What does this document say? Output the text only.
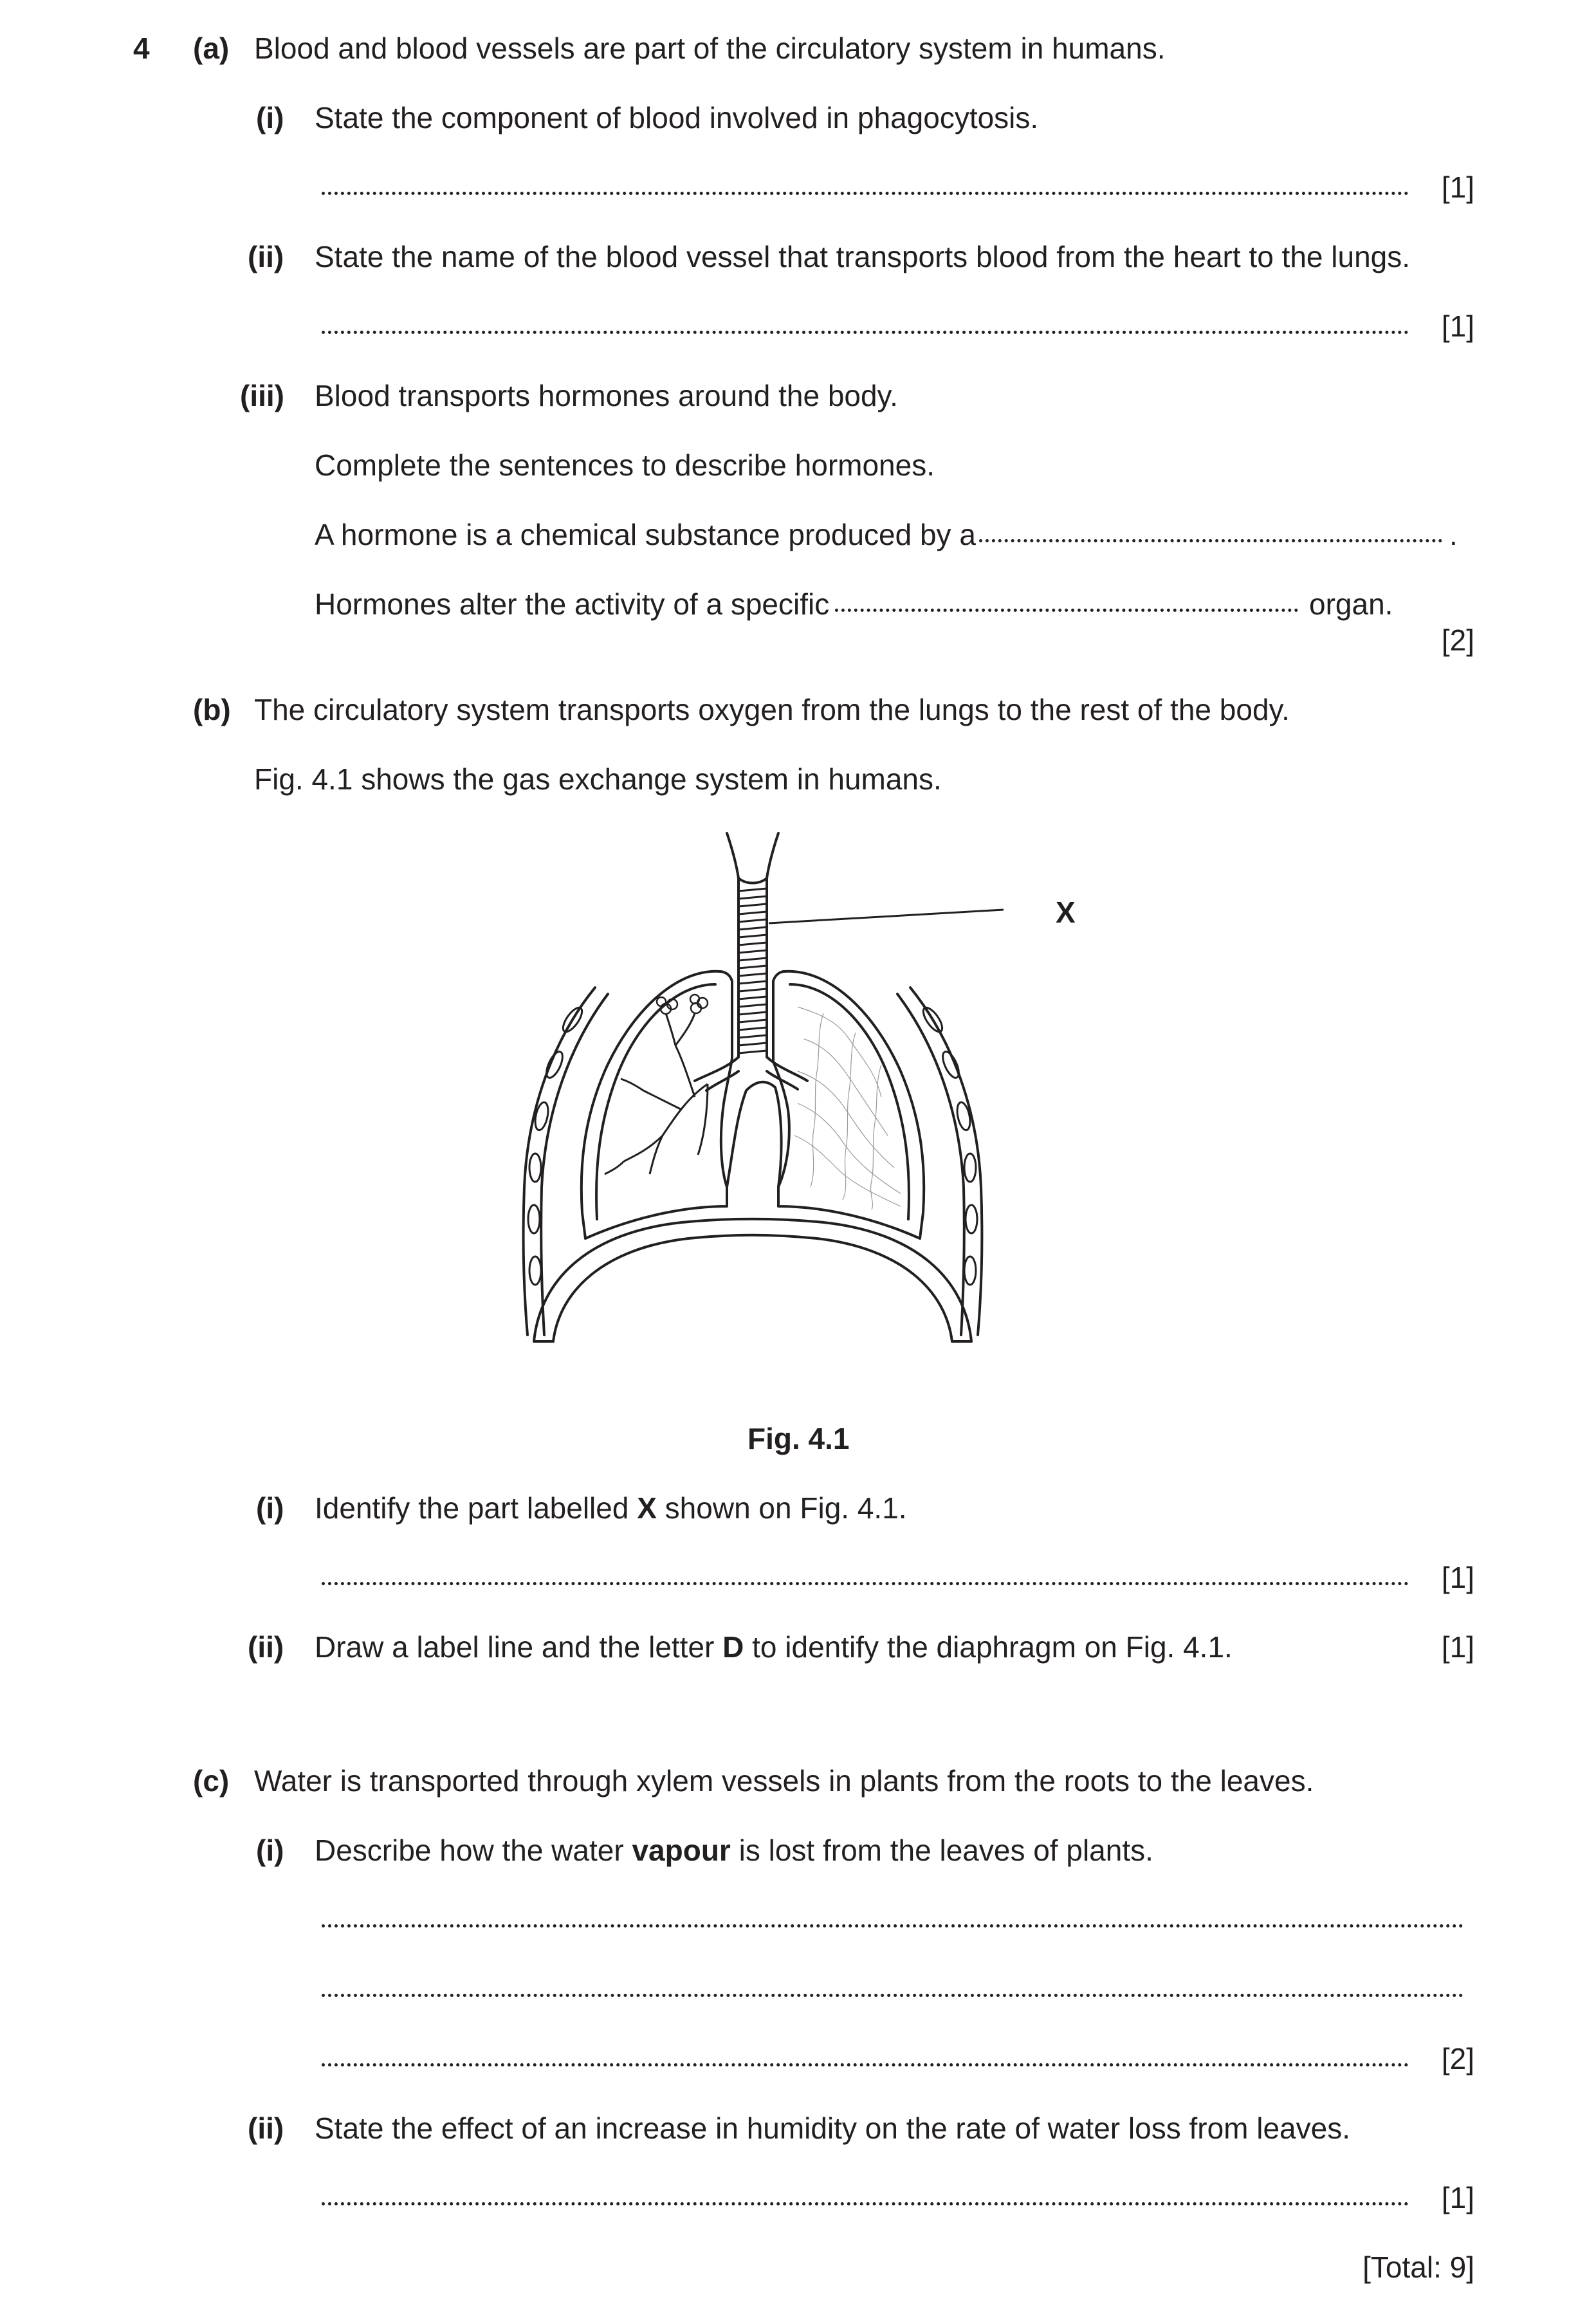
4 (a) Blood and blood vessels are part of the circulatory system in humans.
(i) State the component of blood involved in phagocytosis.
[1]
(ii) State the name of the blood vessel that transports blood from the heart to the lungs.
[1]
(iii) Blood transports hormones around the body.
Complete the sentences to describe hormones.
A hormone is a chemical substance produced by a	.
Hormones alter the activity of a specific	organ.
[2]
(b) The circulatory system transports oxygen from the lungs to the rest of the body.
Fig. 4.1 shows the gas exchange system in humans.
X
Fig. 4.1
(i) Identify the part labelled X shown on Fig. 4.1.
[1]
(ii) Draw a label line and the letter D to identify the diaphragm on Fig. 4.1.	[1]
(c) Water is transported through xylem vessels in plants from the roots to the leaves.
(i) Describe how the water vapour is lost from the leaves of plants.
[2]
(ii) State the effect of an increase in humidity on the rate of water loss from leaves.
[1]
[Total: 9]
